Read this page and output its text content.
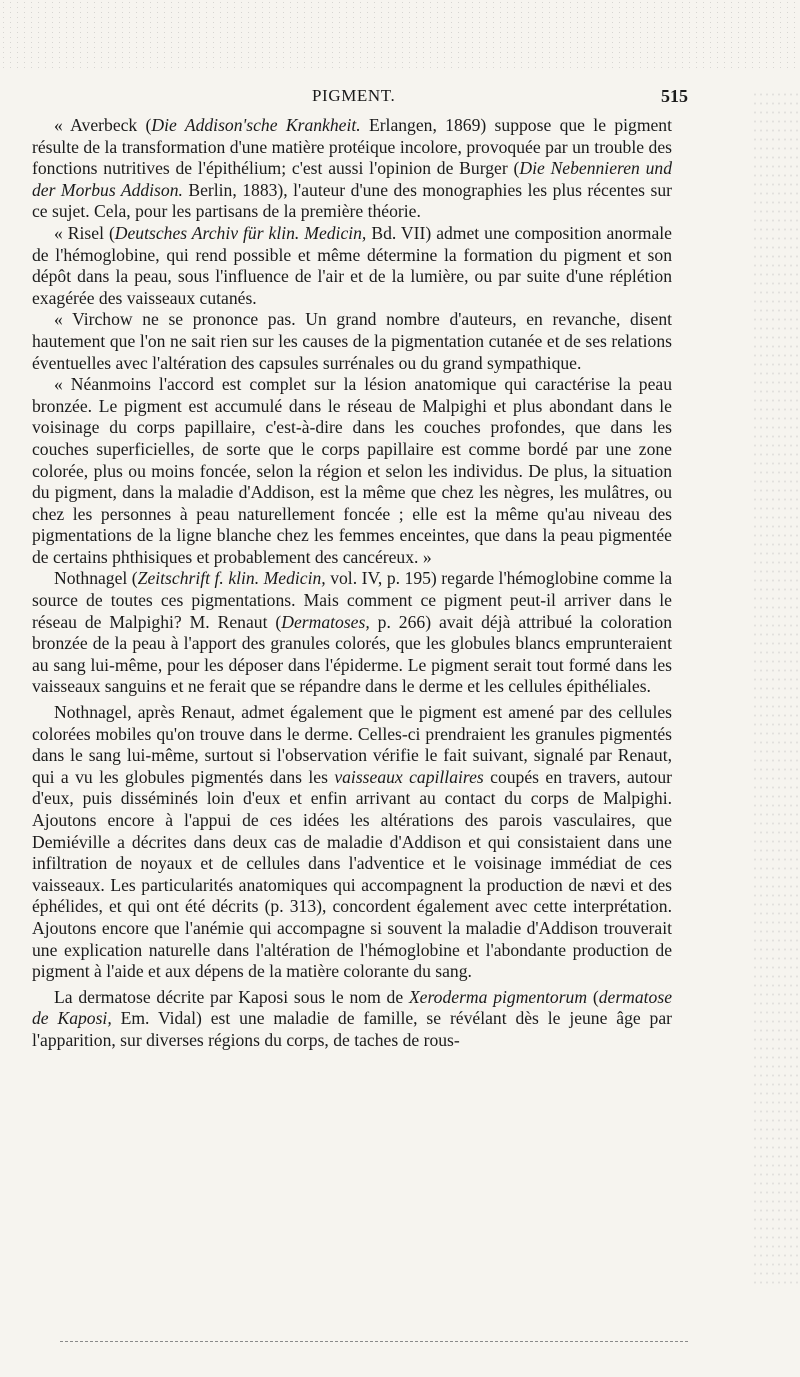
PIGMENT.	515

« Averbeck (Die Addison'sche Krankheit. Erlangen, 1869) suppose que le pigment résulte de la transformation d'une matière protéique incolore, provoquée par un trouble des fonctions nutritives de l'épithélium; c'est aussi l'opinion de Burger (Die Nebennieren und der Morbus Addison. Berlin, 1883), l'auteur d'une des monographies les plus récentes sur ce sujet. Cela, pour les partisans de la première théorie.

« Risel (Deutsches Archiv für klin. Medicin, Bd. VII) admet une composition anormale de l'hémoglobine, qui rend possible et même détermine la formation du pigment et son dépôt dans la peau, sous l'influence de l'air et de la lumière, ou par suite d'une réplétion exagérée des vaisseaux cutanés.

« Virchow ne se prononce pas. Un grand nombre d'auteurs, en revanche, disent hautement que l'on ne sait rien sur les causes de la pigmentation cutanée et de ses relations éventuelles avec l'altération des capsules surrénales ou du grand sympathique.

« Néanmoins l'accord est complet sur la lésion anatomique qui caractérise la peau bronzée. Le pigment est accumulé dans le réseau de Malpighi et plus abondant dans le voisinage du corps papillaire, c'est-à-dire dans les couches profondes, que dans les couches superficielles, de sorte que le corps papillaire est comme bordé par une zone colorée, plus ou moins foncée, selon la région et selon les individus. De plus, la situation du pigment, dans la maladie d'Addison, est la même que chez les nègres, les mulâtres, ou chez les personnes à peau naturellement foncée ; elle est la même qu'au niveau des pigmentations de la ligne blanche chez les femmes enceintes, que dans la peau pigmentée de certains phthisiques et probablement des cancéreux. »

Nothnagel (Zeitschrift f. klin. Medicin, vol. IV, p. 195) regarde l'hémoglobine comme la source de toutes ces pigmentations. Mais comment ce pigment peut-il arriver dans le réseau de Malpighi? M. Renaut (Dermatoses, p. 266) avait déjà attribué la coloration bronzée de la peau à l'apport des granules colorés, que les globules blancs emprunteraient au sang lui-même, pour les déposer dans l'épiderme. Le pigment serait tout formé dans les vaisseaux sanguins et ne ferait que se répandre dans le derme et les cellules épithéliales.

Nothnagel, après Renaut, admet également que le pigment est amené par des cellules colorées mobiles qu'on trouve dans le derme. Celles-ci prendraient les granules pigmentés dans le sang lui-même, surtout si l'observation vérifie le fait suivant, signalé par Renaut, qui a vu les globules pigmentés dans les vaisseaux capillaires coupés en travers, autour d'eux, puis disséminés loin d'eux et enfin arrivant au contact du corps de Malpighi. Ajoutons encore à l'appui de ces idées les altérations des parois vasculaires, que Demiéville a décrites dans deux cas de maladie d'Addison et qui consistaient dans une infiltration de noyaux et de cellules dans l'adventice et le voisinage immédiat de ces vaisseaux. Les particularités anatomiques qui accompagnent la production de nævi et des éphélides, et qui ont été décrits (p. 313), concordent également avec cette interprétation. Ajoutons encore que l'anémie qui accompagne si souvent la maladie d'Addison trouverait une explication naturelle dans l'altération de l'hémoglobine et l'abondante production de pigment à l'aide et aux dépens de la matière colorante du sang.

La dermatose décrite par Kaposi sous le nom de Xeroderma pigmentorum (dermatose de Kaposi, Em. Vidal) est une maladie de famille, se révélant dès le jeune âge par l'apparition, sur diverses régions du corps, de taches de rous-
